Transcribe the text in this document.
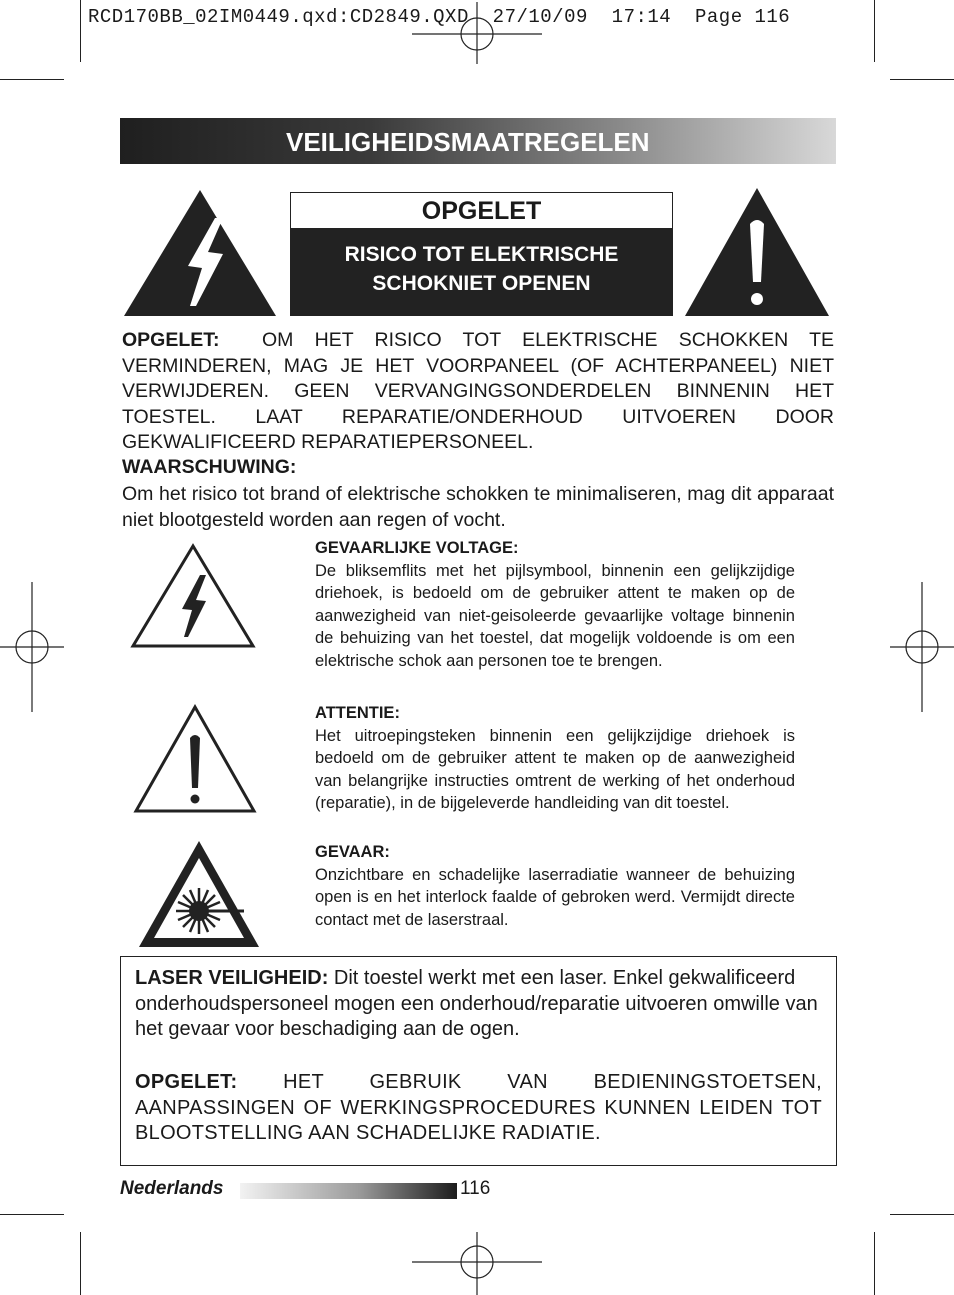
RCD170BB_02IM0449.qxd:CD2849.QXD  27/10/09  17:14  Page 116
VEILIGHEIDSMAATREGELEN
OPGELET
RISICO TOT ELEKTRISCHE
SCHOKNIET OPENEN
OPGELET: OM HET RISICO TOT ELEKTRISCHE SCHOKKEN TE VERMINDEREN, MAG JE HET VOORPANEEL (OF ACHTERPANEEL) NIET VERWIJDEREN. GEEN VERVANGINGSONDERDELEN BINNENIN HET TOESTEL. LAAT REPARATIE/ONDERHOUD UITVOEREN DOOR GEKWALIFICEERD REPARATIEPERSONEEL.
WAARSCHUWING:
Om het risico tot brand of elektrische schokken te minimaliseren, mag dit apparaat niet blootgesteld worden aan regen of vocht.
GEVAARLIJKE VOLTAGE:
De bliksemflits met het pijlsymbool, binnenin een gelijkzijdige driehoek, is bedoeld om de gebruiker attent te maken op de aanwezigheid van niet-geisoleerde gevaarlijke voltage binnenin de behuizing van het toestel, dat mogelijk voldoende is om een elektrische schok aan personen toe te brengen.
ATTENTIE:
Het uitroepingsteken binnenin een gelijkzijdige driehoek is bedoeld om de gebruiker attent te maken op de aanwezigheid van belangrijke instructies omtrent de werking of het onderhoud (reparatie), in de bijgeleverde handleiding van dit toestel.
GEVAAR:
Onzichtbare en schadelijke laserradiatie wanneer de behuizing open is en het interlock faalde of gebroken werd. Vermijdt directe contact met de laserstraal.
LASER VEILIGHEID: Dit toestel werkt met een laser. Enkel gekwalificeerd onderhoudspersoneel mogen een onderhoud/reparatie uitvoeren omwille van het gevaar voor beschadiging aan de ogen.
OPGELET: HET GEBRUIK VAN BEDIENINGSTOETSEN, AANPASSINGEN OF WERKINGSPROCEDURES KUNNEN LEIDEN TOT BLOOTSTELLING AAN SCHADELIJKE RADIATIE.
Nederlands	116
